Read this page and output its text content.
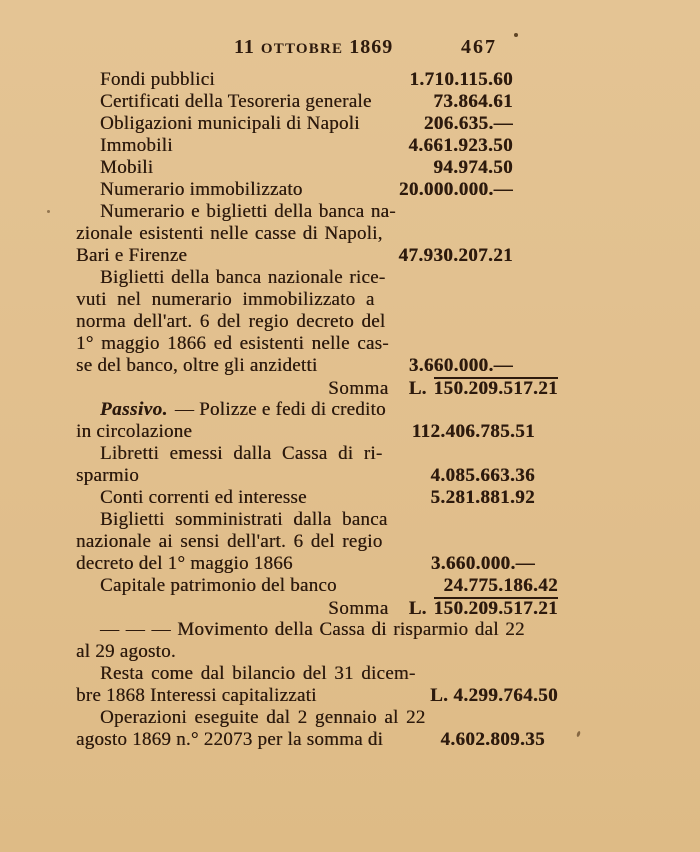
11 OTTOBRE 1869	467
Fondi pubblici	1.710.115.60
Certificati della Tesoreria generale	73.864.61
Obligazioni municipali di Napoli	206.635.—
Immobili	4.661.923.50
Mobili	94.974.50
Numerario immobilizzato	20.000.000.—
Numerario e biglietti della banca na-
zionale esistenti nelle casse di Napoli,
Bari e Firenze	47.930.207.21
Biglietti della banca nazionale rice-
vuti nel numerario immobilizzato a
norma dell'art. 6 del regio decreto del
1° maggio 1866 ed esistenti nelle cas-
se del banco, oltre gli anzidetti	3.660.000.—
Somma L. 150.209.517.21
Passivo. — Polizze e fedi di credito
in circolazione	112.406.785.51
Libretti emessi dalla Cassa di ri-
sparmio	4.085.663.36
Conti correnti ed interesse	5.281.881.92
Biglietti somministrati dalla banca
nazionale ai sensi dell'art. 6 del regio
decreto del 1° maggio 1866	3.660.000.—
Capitale patrimonio del banco	24.775.186.42
Somma L. 150.209.517.21
— — — Movimento della Cassa di risparmio dal 22
al 29 agosto.
Resta come dal bilancio del 31 dicem-
bre 1868 Interessi capitalizzati	L. 4.299.764.50
Operazioni eseguite dal 2 gennaio al 22
agosto 1869 n.° 22073 per la somma di	4.602.809.35
